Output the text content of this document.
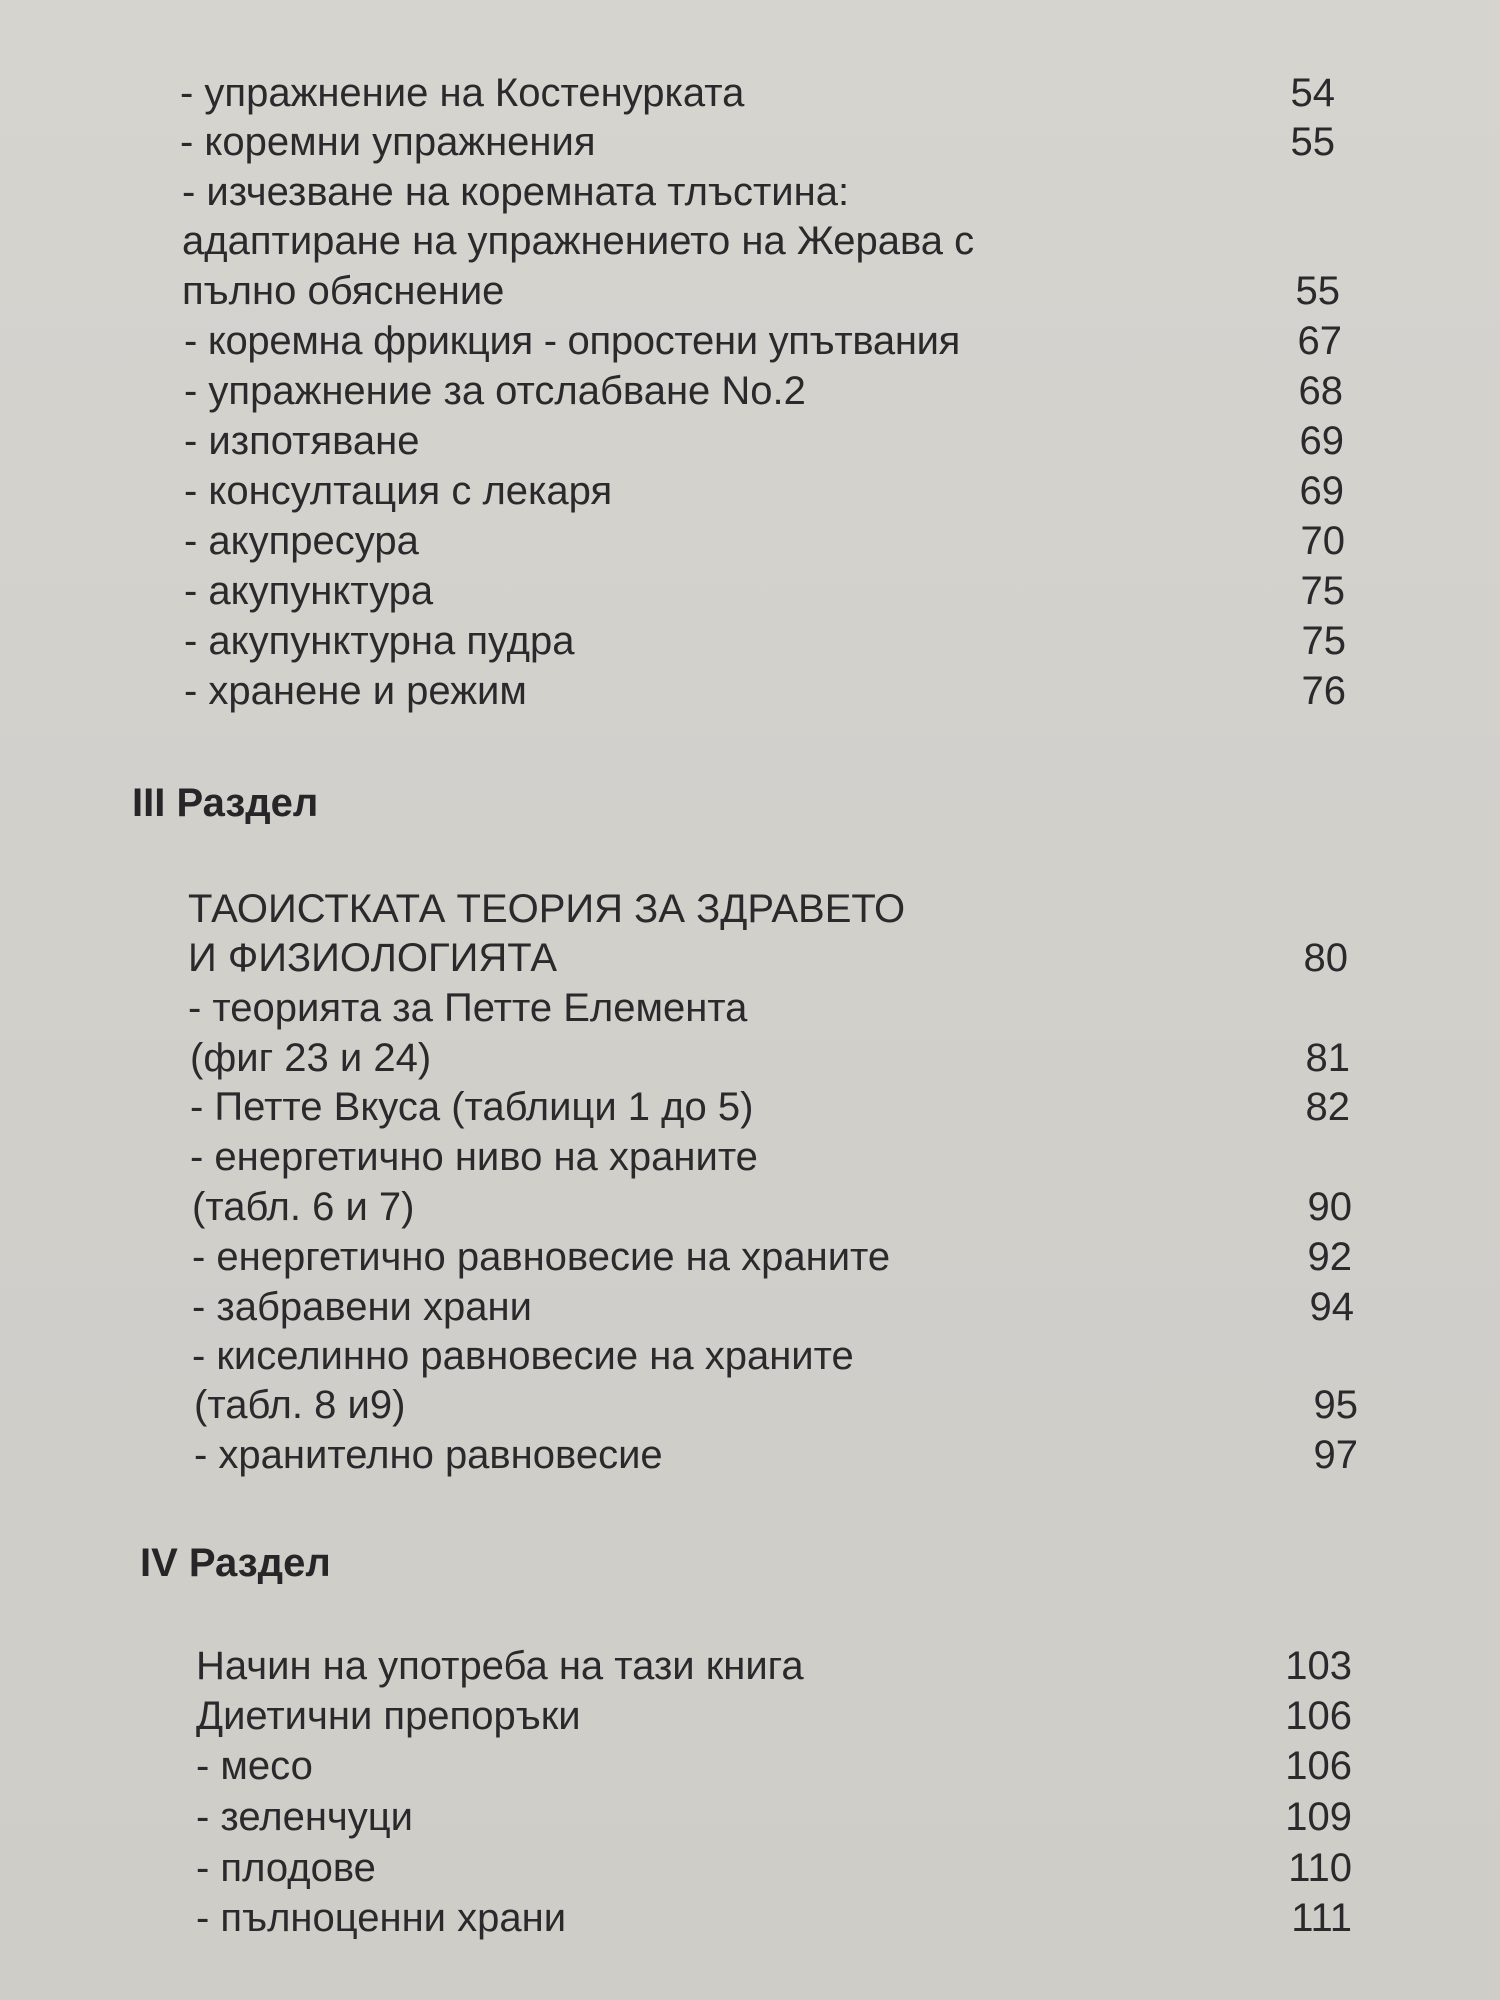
- упражнение на Костенурката	54
- коремни упражнения	55
- изчезване на коремната тлъстина:
адаптиране на упражнението на Жерава с
пълно обяснение	55
- коремна фрикция - опростени упътвания	67
- упражнение за отслабване No.2	68
- изпотяване	69
- консултация с лекаря	69
- акупресура	70
- акупунктура	75
- акупунктурна пудра	75
- хранене и режим	76
III Раздел
ТАОИСТКАТА ТЕОРИЯ ЗА ЗДРАВЕТО
И ФИЗИОЛОГИЯТА	80
- теорията за Петте Елемента
(фиг 23 и 24)	81
- Петте Вкуса (таблици 1 до 5)	82
- енергетично ниво на храните
(табл. 6 и 7)	90
- енергетично равновесие на храните	92
- забравени храни	94
- киселинно равновесие на храните
(табл. 8 и9)	95
- хранително равновесие	97
IV Раздел
Начин на употреба на тази книга	103
Диетични препоръки	106
- месо	106
- зеленчуци	109
- плодове	110
- пълноценни храни	111
